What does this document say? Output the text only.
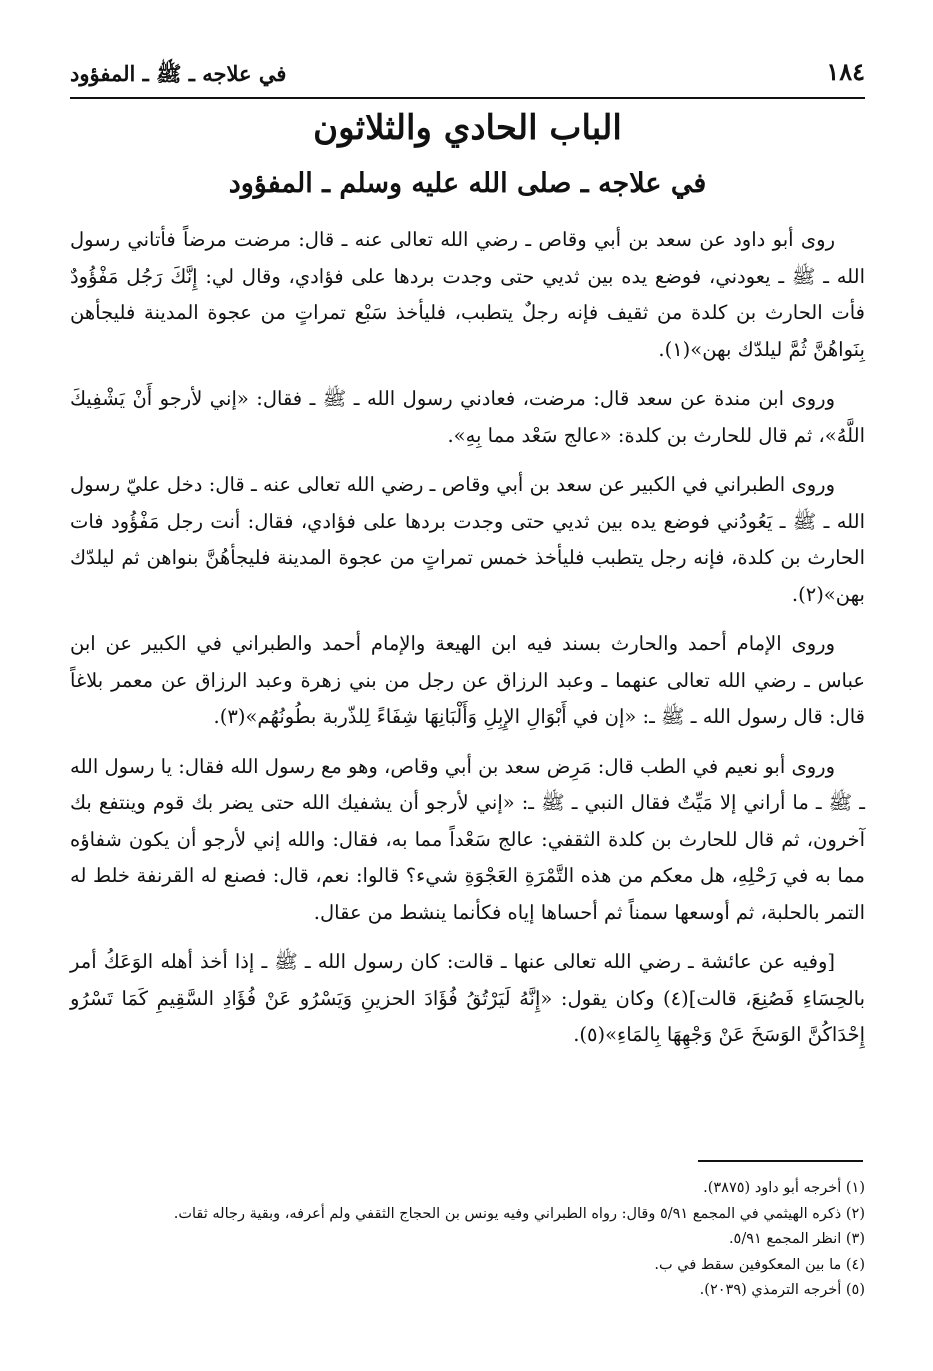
١٨٤
في علاجه ـ ﷺ ـ المفؤود
الباب الحادي والثلاثون
في علاجه ـ صلى الله عليه وسلم ـ المفؤود

روى أبو داود عن سعد بن أبي وقاص ـ رضي الله تعالى عنه ـ قال: مرضت مرضاً فأتاني رسول الله ـ ﷺ ـ يعودني، فوضع يده بين ثديي حتى وجدت بردها على فؤادي، وقال لي: إِنَّكَ رَجُل مَفْؤُودٌ فأت الحارث بن كلدة من ثقيف فإنه رجلٌ يتطبب، فليأخذ سَبْع تمراتٍ من عجوة المدينة فليجأهن بِنَواهُنَّ ثُمَّ ليلدّك بهن»(١).

وروى ابن مندة عن سعد قال: مرضت، فعادني رسول الله ـ ﷺ ـ فقال: «إني لأرجو أَنْ يَشْفِيكَ اللَّهُ»، ثم قال للحارث بن كلدة: «عالج سَعْد مما بِهِ».

وروى الطبراني في الكبير عن سعد بن أبي وقاص ـ رضي الله تعالى عنه ـ قال: دخل عليّ رسول الله ـ ﷺ ـ يَعُودُني فوضع يده بين ثديي حتى وجدت بردها على فؤادي، فقال: أنت رجل مَفْؤُود فات الحارث بن كلدة، فإنه رجل يتطبب فليأخذ خمس تمراتٍ من عجوة المدينة فليجأهُنَّ بنواهن ثم ليلدّك بهن»(٢).

وروى الإمام أحمد والحارث بسند فيه ابن الهيعة والإمام أحمد والطبراني في الكبير عن ابن عباس ـ رضي الله تعالى عنهما ـ وعبد الرزاق عن رجل من بني زهرة وعبد الرزاق عن معمر بلاغاً قال: قال رسول الله ـ ﷺ ـ: «إن في أَبْوَالِ الإِبِلِ وَأَلْبَانِهَا شِفَاءً لِلذّربة بطُونُهُم»(٣).

وروى أبو نعيم في الطب قال: مَرِض سعد بن أبي وقاص، وهو مع رسول الله فقال: يا رسول الله ـ ﷺ ـ ما أراني إلا مَيِّتٌ فقال النبي ـ ﷺ ـ: «إني لأرجو أن يشفيك الله حتى يضر بك قوم وينتفع بك آخرون، ثم قال للحارث بن كلدة الثقفي: عالج سَعْداً مما به، فقال: والله إني لأرجو أن يكون شفاؤه مما به في رَحْلِهِ، هل معكم من هذه التَّمْرَةِ العَجْوَةِ شيء؟ قالوا: نعم، قال: فصنع له القرنفة خلط له التمر بالحلبة، ثم أوسعها سمناً ثم أحساها إياه فكأنما ينشط من عقال.

[وفيه عن عائشة ـ رضي الله تعالى عنها ـ قالت: كان رسول الله ـ ﷺ ـ إذا أخذ أهله الوَعَكُ أمر بالحِسَاءِ فَصُنِعَ، قالت](٤) وكان يقول: «إِنَّهُ لَيَرْتُقُ فُؤَادَ الحزينِ وَيَسْرُو عَنْ فُؤَادِ السَّقِيمِ كَمَا تَسْرُو إِحْدَاكُنَّ الوَسَخَ عَنْ وَجْهِهَا بِالمَاءِ»(٥).

(١) أخرجه أبو داود (٣٨٧٥).

(٢) ذكره الهيثمي في المجمع ٥/٩١ وقال: رواه الطبراني وفيه يونس بن الحجاج الثقفي ولم أعرفه، وبقية رجاله ثقات.

(٣) انظر المجمع ٥/٩١.

(٤) ما بين المعكوفين سقط في ب.

(٥) أخرجه الترمذي (٢٠٣٩).
